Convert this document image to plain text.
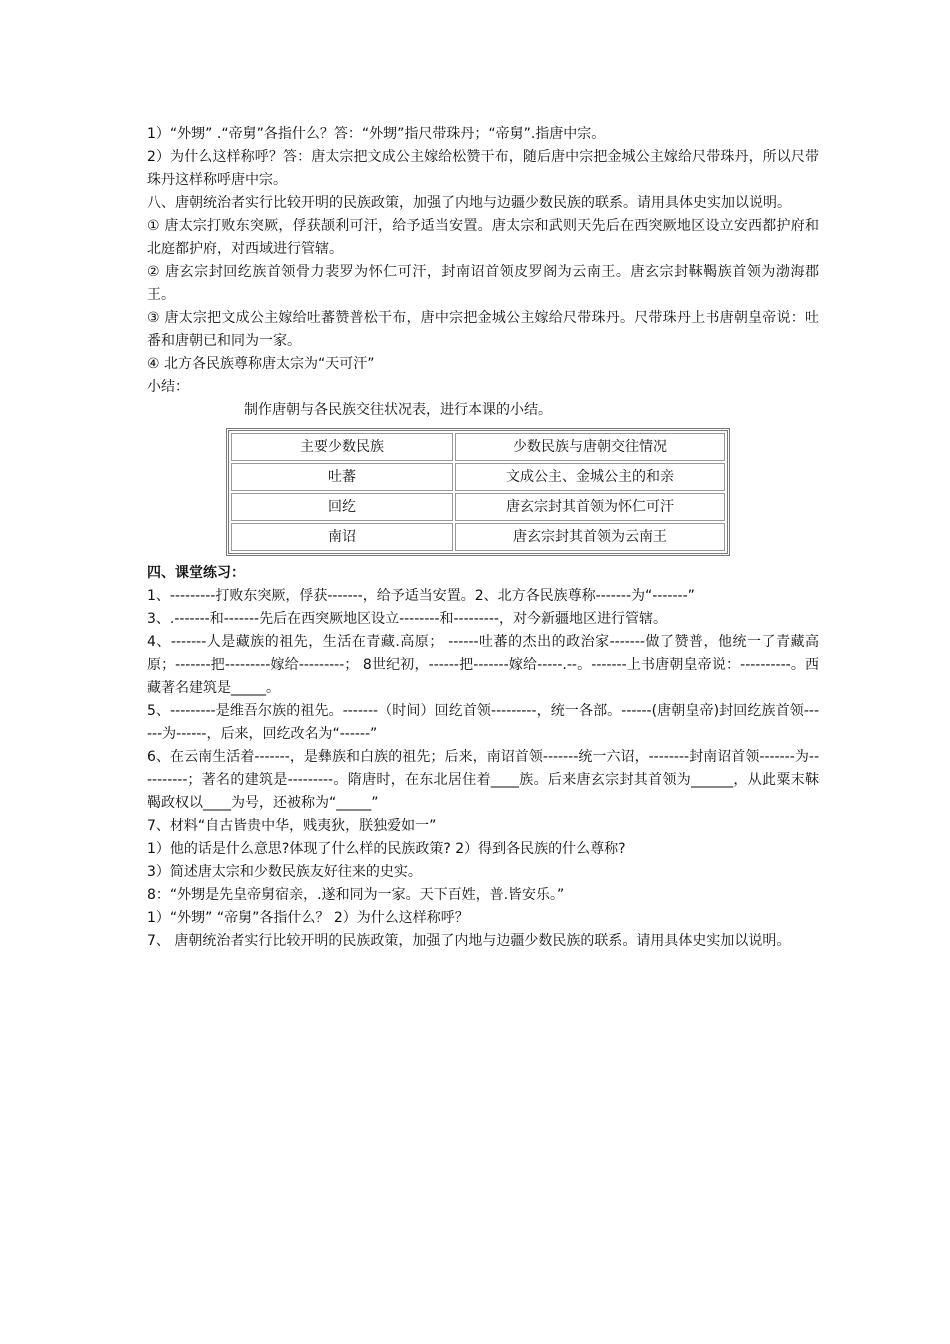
1）“外甥” .“帝舅”各指什么？答：“外甥”指尺带珠丹；“帝舅”.指唐中宗。

2）为什么这样称呼？答：唐太宗把文成公主嫁给松赞干布，随后唐中宗把金城公主嫁给尺带珠丹，所以尺带珠丹这样称呼唐中宗。

八、唐朝统治者实行比较开明的民族政策，加强了内地与边疆少数民族的联系。请用具体史实加以说明。

① 唐太宗打败东突厥，俘获颉利可汗，给予适当安置。唐太宗和武则天先后在西突厥地区设立安西都护府和北庭都护府，对西域进行管辖。

② 唐玄宗封回纥族首领骨力裴罗为怀仁可汗，封南诏首领皮罗阁为云南王。唐玄宗封靺鞨族首领为渤海郡王。

③ 唐太宗把文成公主嫁给吐蕃赞普松干布，唐中宗把金城公主嫁给尺带珠丹。尺带珠丹上书唐朝皇帝说：吐番和唐朝已和同为一家。

④ 北方各民族尊称唐太宗为“天可汗”

小结：

制作唐朝与各民族交往状况表，进行本课的小结。

主要少数民族	少数民族与唐朝交往情况
吐蕃	文成公主、金城公主的和亲
回纥	唐玄宗封其首领为怀仁可汗
南诏	唐玄宗封其首领为云南王

四、课堂练习：

1、---------打败东突厥，俘获-------，给予适当安置。2、北方各民族尊称-------为“-------”

3、.-------和-------先后在西突厥地区设立--------和---------，对今新疆地区进行管辖。

4、-------人是藏族的祖先，生活在青藏.高原； ------吐蕃的杰出的政治家-------做了赞普，他统一了青藏高原；-------把---------嫁给---------； 8世纪初，------把-------嫁给-----.--。-------上书唐朝皇帝说：----------。西藏著名建筑是_____。

5、---------是维吾尔族的祖先。-------（时间）回纥首领---------，统一各部。------(唐朝皇帝)封回纥族首领------为------，后来，回纥改名为“------”

6、在云南生活着-------，是彝族和白族的祖先；后来，南诏首领-------统一六诏，--------封南诏首领-------为----------；著名的建筑是---------。隋唐时，在东北居住着____族。后来唐玄宗封其首领为______，从此粟末靺鞨政权以____为号，还被称为“_____”

7、材料“自古皆贵中华，贱夷狄，朕独爱如一”

1）他的话是什么意思?体现了什么样的民族政策? 2）得到各民族的什么尊称?

3）简述唐太宗和少数民族友好往来的史实。

8：“外甥是先皇帝舅宿亲，.遂和同为一家。天下百姓，普.皆安乐。”

1）“外甥” “帝舅”各指什么？ 2）为什么这样称呼？

7、 唐朝统治者实行比较开明的民族政策，加强了内地与边疆少数民族的联系。请用具体史实加以说明。
